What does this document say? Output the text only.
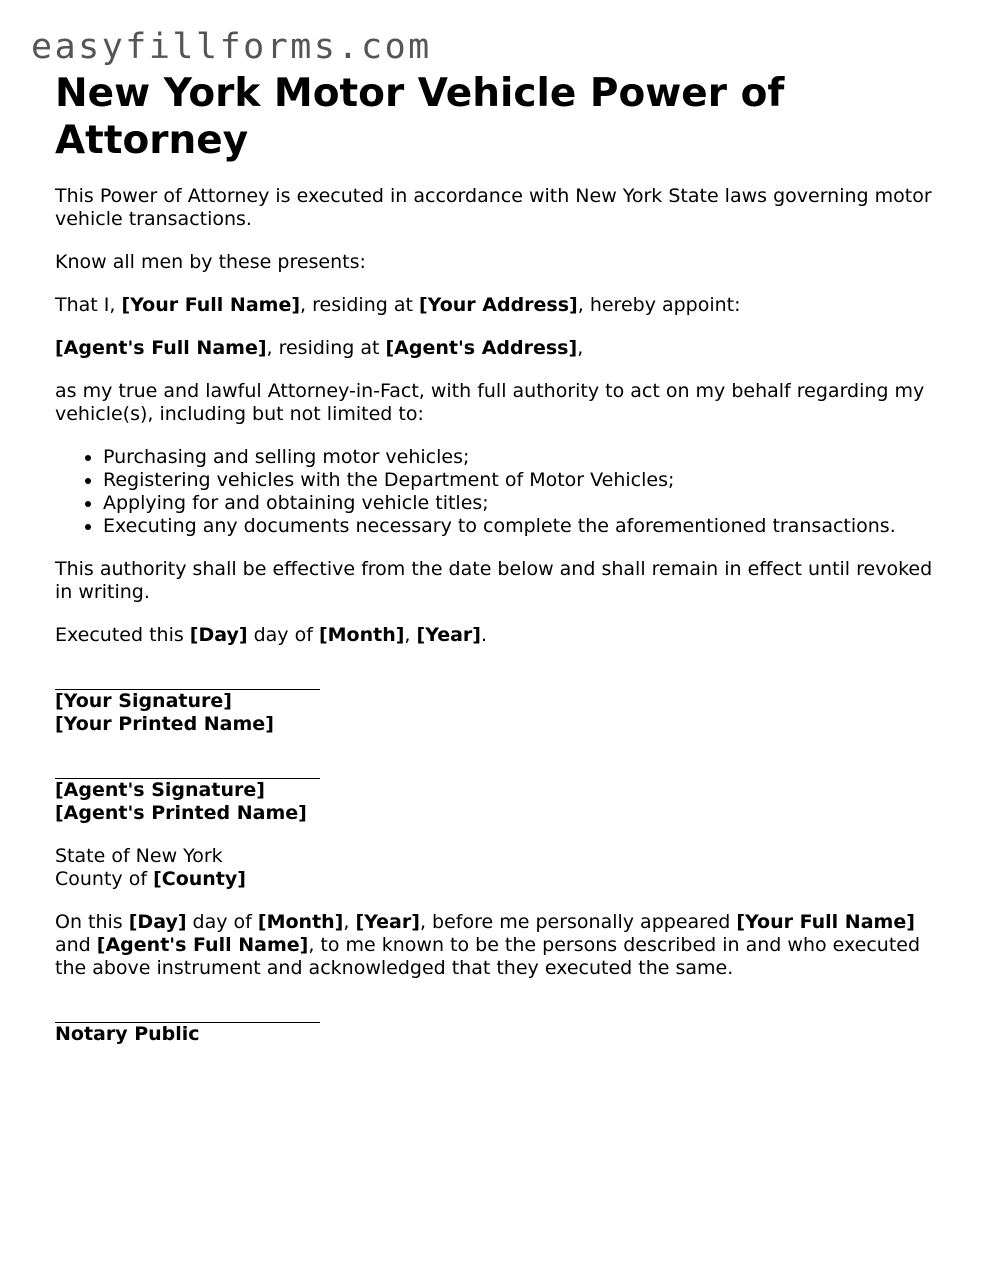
easyfillforms.com
New York Motor Vehicle Power of Attorney

This Power of Attorney is executed in accordance with New York State laws governing motor vehicle transactions.

Know all men by these presents:

That I, [Your Full Name], residing at [Your Address], hereby appoint:

[Agent's Full Name], residing at [Agent's Address],

as my true and lawful Attorney-in-Fact, with full authority to act on my behalf regarding my vehicle(s), including but not limited to:

• Purchasing and selling motor vehicles;
• Registering vehicles with the Department of Motor Vehicles;
• Applying for and obtaining vehicle titles;
• Executing any documents necessary to complete the aforementioned transactions.

This authority shall be effective from the date below and shall remain in effect until revoked in writing.

Executed this [Day] day of [Month], [Year].

[Your Signature]
[Your Printed Name]
[Agent's Signature]
[Agent's Printed Name]
State of New York
County of [County]

On this [Day] day of [Month], [Year], before me personally appeared [Your Full Name] and [Agent's Full Name], to me known to be the persons described in and who executed the above instrument and acknowledged that they executed the same.

Notary Public
